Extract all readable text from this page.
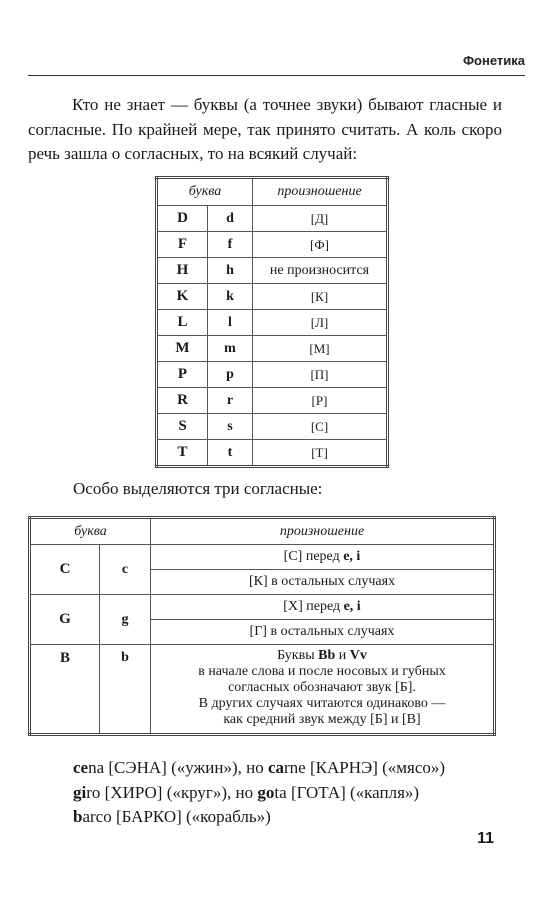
Фонетика

Кто не знает — буквы (а точнее звуки) бывают гласные и согласные. По крайней мере, так принято считать. А коль скоро речь зашла о согласных, то на всякий случай:

буква		произношение
D	d	[Д]
F	f	[Ф]
H	h	не произносится
K	k	[К]
L	l	[Л]
M	m	[М]
P	p	[П]
R	r	[Р]
S	s	[С]
T	t	[Т]

Особо выделяются три согласные:

буква		произношение
C	c	[С] перед e, i
		[К] в остальных случаях
G	g	[Х] перед e, i
		[Г] в остальных случаях
B	b	Буквы Bb и Vv
в начале слова и после носовых и губных
согласных обозначают звук [Б].
В других случаях читаются одинаково —
как средний звук между [Б] и [В]

cena [СЭНА] («ужин»), но carne [КАРНЭ] («мясо»)

giro [ХИРО] («круг»), но gota [ГОТА] («капля»)

barco [БАРКО] («корабль»)

11
